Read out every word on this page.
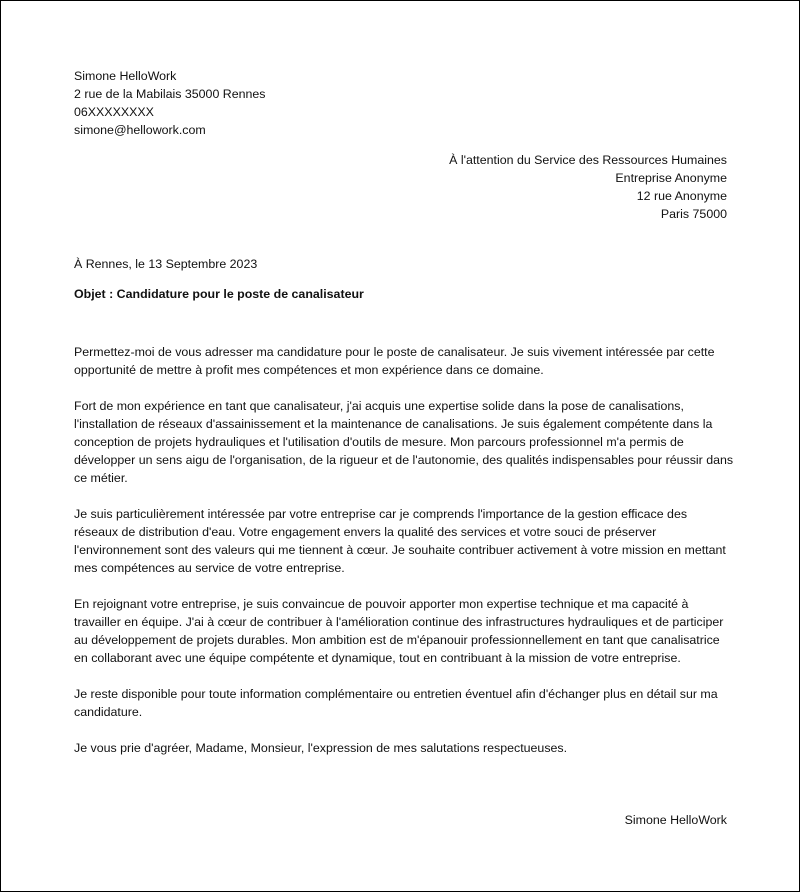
Simone HelloWork
2 rue de la Mabilais 35000 Rennes
06XXXXXXXX
simone@hellowork.com
À l'attention du Service des Ressources Humaines
Entreprise Anonyme
12 rue Anonyme
Paris 75000
À Rennes, le 13 Septembre 2023
Objet : Candidature pour le poste de canalisateur

Permettez-moi de vous adresser ma candidature pour le poste de canalisateur. Je suis vivement intéressée par cette opportunité de mettre à profit mes compétences et mon expérience dans ce domaine.

Fort de mon expérience en tant que canalisateur, j'ai acquis une expertise solide dans la pose de canalisations, l'installation de réseaux d'assainissement et la maintenance de canalisations. Je suis également compétente dans la conception de projets hydrauliques et l'utilisation d'outils de mesure. Mon parcours professionnel m'a permis de développer un sens aigu de l'organisation, de la rigueur et de l'autonomie, des qualités indispensables pour réussir dans ce métier.

Je suis particulièrement intéressée par votre entreprise car je comprends l'importance de la gestion efficace des réseaux de distribution d'eau. Votre engagement envers la qualité des services et votre souci de préserver l'environnement sont des valeurs qui me tiennent à cœur. Je souhaite contribuer activement à votre mission en mettant mes compétences au service de votre entreprise.

En rejoignant votre entreprise, je suis convaincue de pouvoir apporter mon expertise technique et ma capacité à travailler en équipe. J'ai à cœur de contribuer à l'amélioration continue des infrastructures hydrauliques et de participer au développement de projets durables. Mon ambition est de m'épanouir professionnellement en tant que canalisatrice en collaborant avec une équipe compétente et dynamique, tout en contribuant à la mission de votre entreprise.

Je reste disponible pour toute information complémentaire ou entretien éventuel afin d'échanger plus en détail sur ma candidature.

Je vous prie d'agréer, Madame, Monsieur, l'expression de mes salutations respectueuses.

Simone HelloWork
